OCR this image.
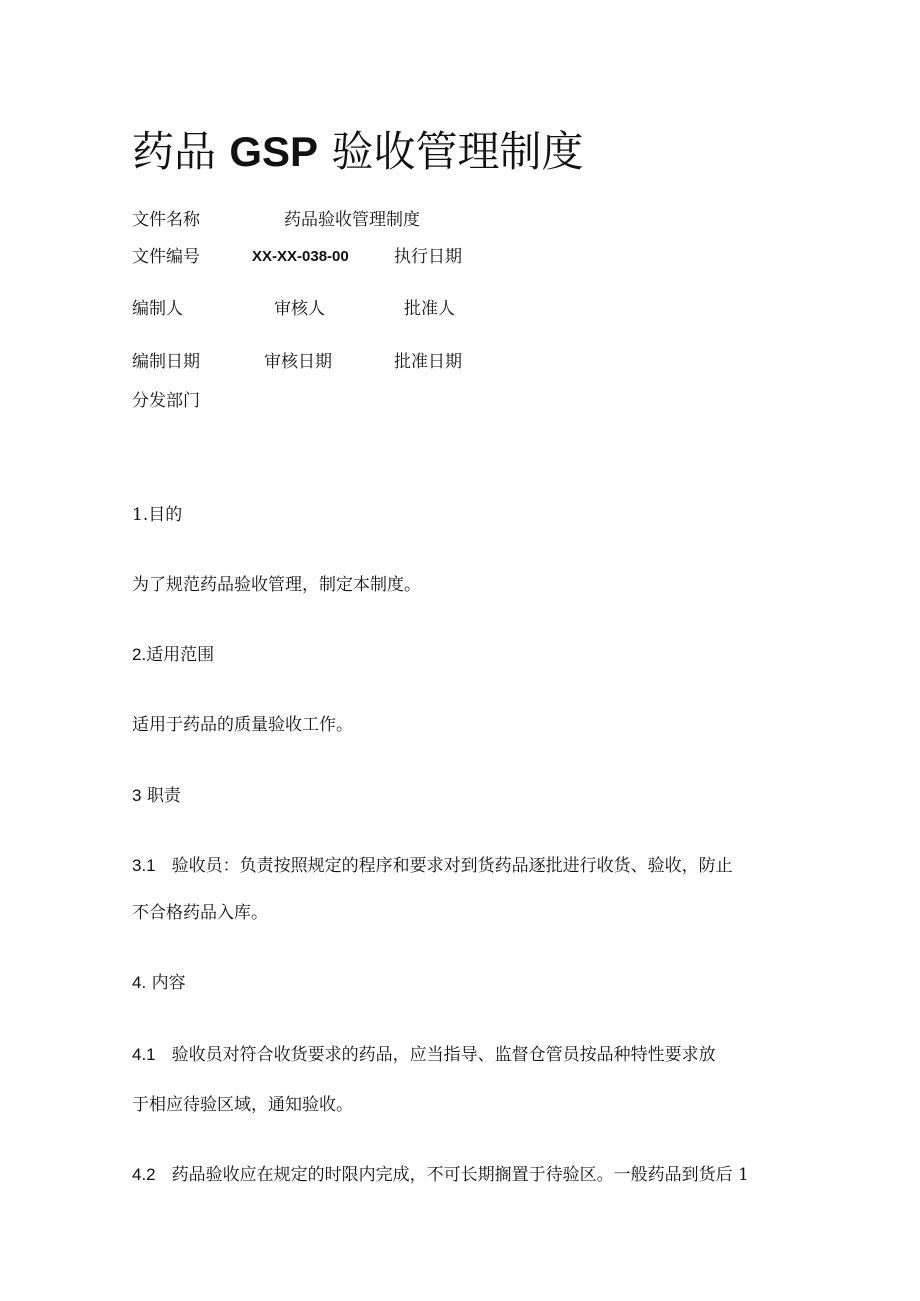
药品 GSP 验收管理制度
文件名称	药品验收管理制度
文件编号	XX-XX-038-00	执行日期
编制人	审核人	批准人
编制日期	审核日期	批准日期
分发部门
1.目的
为了规范药品验收管理，制定本制度。
2.适用范围
适用于药品的质量验收工作。
3 职责
3.1 验收员：负责按照规定的程序和要求对到货药品逐批进行收货、验收，防止
不合格药品入库。
4. 内容
4.1 验收员对符合收货要求的药品，应当指导、监督仓管员按品种特性要求放
于相应待验区域，通知验收。
4.2 药品验收应在规定的时限内完成，不可长期搁置于待验区。一般药品到货后 1
